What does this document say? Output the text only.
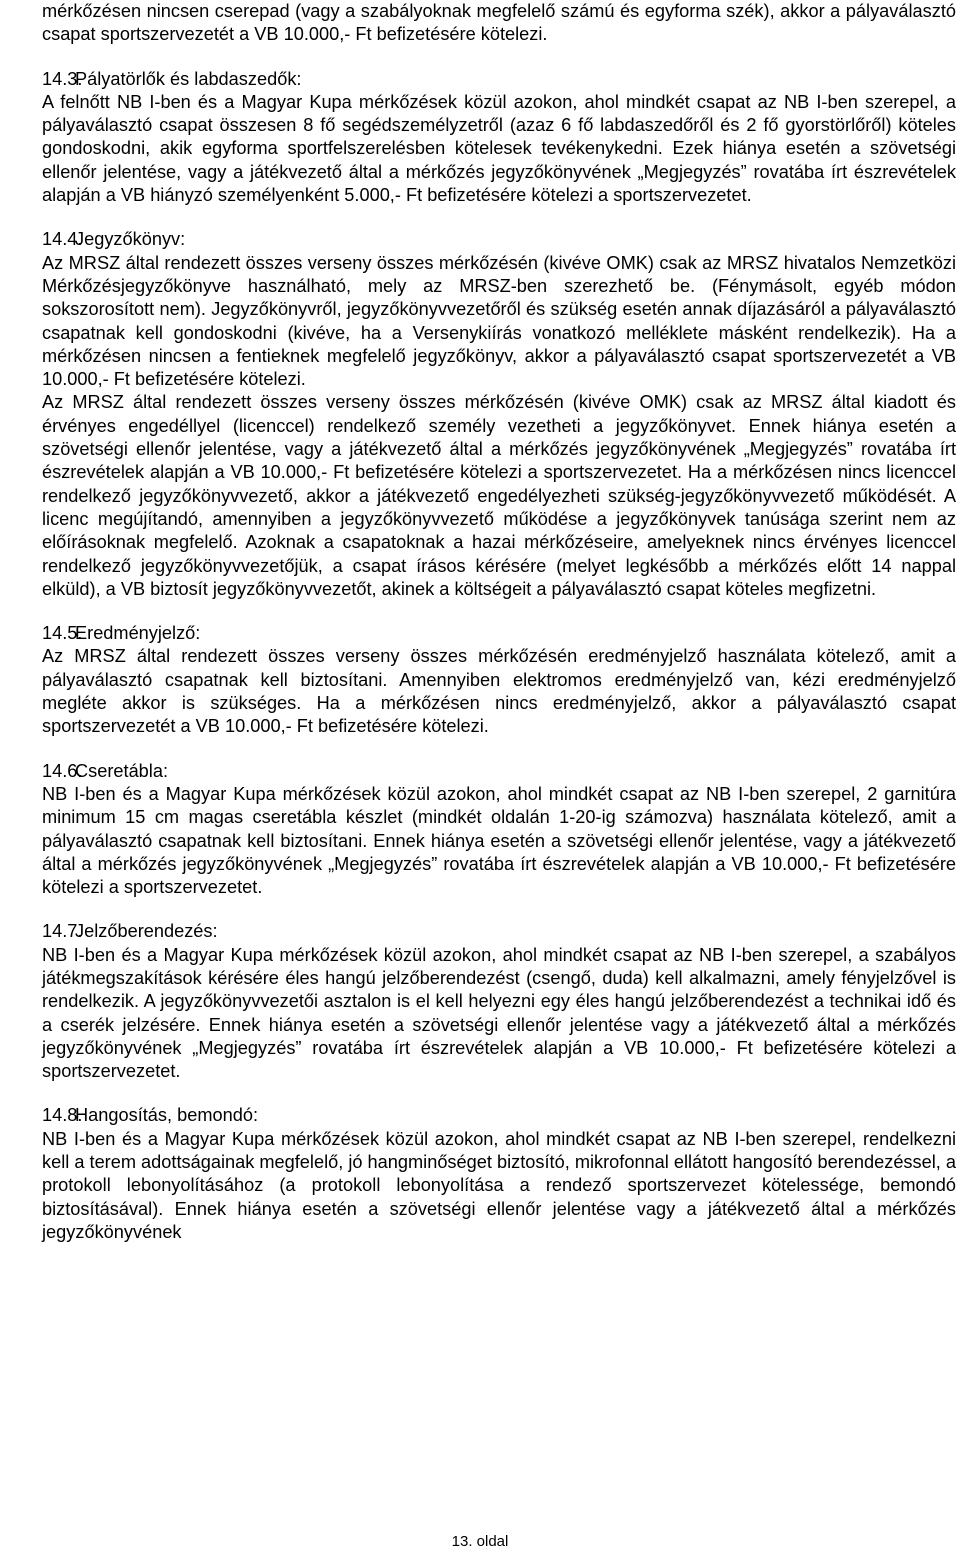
mérkőzésen nincsen cserepad (vagy a szabályoknak megfelelő számú és egyforma szék), akkor a pályaválasztó csapat sportszervezetét a VB 10.000,- Ft befizetésére kötelezi.

14.3.Pályatörlők és labdaszedők:

A felnőtt NB I-ben és a Magyar Kupa mérkőzések közül azokon, ahol mindkét csapat az NB I-ben szerepel, a pályaválasztó csapat összesen 8 fő segédszemélyzetről (azaz 6 fő labdaszedőről és 2 fő gyorstörlőről) köteles gondoskodni, akik egyforma sportfelszerelésben kötelesek tevékenykedni. Ezek hiánya esetén a szövetségi ellenőr jelentése, vagy a játékvezető által a mérkőzés jegyzőkönyvének „Megjegyzés” rovatába írt észrevételek alapján a VB hiányzó személyenként 5.000,- Ft befizetésére kötelezi a sportszervezetet.

14.4.Jegyzőkönyv:

Az MRSZ által rendezett összes verseny összes mérkőzésén (kivéve OMK) csak az MRSZ hivatalos Nemzetközi Mérkőzésjegyzőkönyve használható, mely az MRSZ-ben szerezhető be. (Fénymásolt, egyéb módon sokszorosított nem). Jegyzőkönyvről, jegyzőkönyvvezetőről és szükség esetén annak díjazásáról a pályaválasztó csapatnak kell gondoskodni (kivéve, ha a Versenykiírás vonatkozó melléklete másként rendelkezik). Ha a mérkőzésen nincsen a fentieknek megfelelő jegyzőkönyv, akkor a pályaválasztó csapat sportszervezetét a VB 10.000,- Ft befizetésére kötelezi.

Az MRSZ által rendezett összes verseny összes mérkőzésén (kivéve OMK) csak az MRSZ által kiadott és érvényes engedéllyel (licenccel) rendelkező személy vezetheti a jegyzőkönyvet. Ennek hiánya esetén a szövetségi ellenőr jelentése, vagy a játékvezető által a mérkőzés jegyzőkönyvének „Megjegyzés” rovatába írt észrevételek alapján a VB 10.000,- Ft befizetésére kötelezi a sportszervezetet. Ha a mérkőzésen nincs licenccel rendelkező jegyzőkönyvvezető, akkor a játékvezető engedélyezheti szükség-jegyzőkönyvvezető működését. A licenc megújítandó, amennyiben a jegyzőkönyvvezető működése a jegyzőkönyvek tanúsága szerint nem az előírásoknak megfelelő. Azoknak a csapatoknak a hazai mérkőzéseire, amelyeknek nincs érvényes licenccel rendelkező jegyzőkönyvvezetőjük, a csapat írásos kérésére (melyet legkésőbb a mérkőzés előtt 14 nappal elküld), a VB biztosít jegyzőkönyvvezetőt, akinek a költségeit a pályaválasztó csapat köteles megfizetni.

14.5.Eredményjelző:

Az MRSZ által rendezett összes verseny összes mérkőzésén eredményjelző használata kötelező, amit a pályaválasztó csapatnak kell biztosítani. Amennyiben elektromos eredményjelző van, kézi eredményjelző megléte akkor is szükséges. Ha a mérkőzésen nincs eredményjelző, akkor a pályaválasztó csapat sportszervezetét a VB 10.000,- Ft befizetésére kötelezi.

14.6.Cseretábla:

NB I-ben és a Magyar Kupa mérkőzések közül azokon, ahol mindkét csapat az NB I-ben szerepel, 2 garnitúra minimum 15 cm magas cseretábla készlet (mindkét oldalán 1-20-ig számozva) használata kötelező, amit a pályaválasztó csapatnak kell biztosítani. Ennek hiánya esetén a szövetségi ellenőr jelentése, vagy a játékvezető által a mérkőzés jegyzőkönyvének „Megjegyzés” rovatába írt észrevételek alapján a VB 10.000,- Ft befizetésére kötelezi a sportszervezetet.

14.7.Jelzőberendezés:

NB I-ben és a Magyar Kupa mérkőzések közül azokon, ahol mindkét csapat az NB I-ben szerepel, a szabályos játékmegszakítások kérésére éles hangú jelzőberendezést (csengő, duda) kell alkalmazni, amely fényjelzővel is rendelkezik. A jegyzőkönyvvezetői asztalon is el kell helyezni egy éles hangú jelzőberendezést a technikai idő és a cserék jelzésére. Ennek hiánya esetén a szövetségi ellenőr jelentése vagy a játékvezető által a mérkőzés jegyzőkönyvének „Megjegyzés” rovatába írt észrevételek alapján a VB 10.000,- Ft befizetésére kötelezi a sportszervezetet.

14.8.Hangosítás, bemondó:

NB I-ben és a Magyar Kupa mérkőzések közül azokon, ahol mindkét csapat az NB I-ben szerepel, rendelkezni kell a terem adottságainak megfelelő, jó hangminőséget biztosító, mikrofonnal ellátott hangosító berendezéssel, a protokoll lebonyolításához (a protokoll lebonyolítása a rendező sportszervezet kötelessége, bemondó biztosításával). Ennek hiánya esetén a szövetségi ellenőr jelentése vagy a játékvezető által a mérkőzés jegyzőkönyvének

13. oldal
